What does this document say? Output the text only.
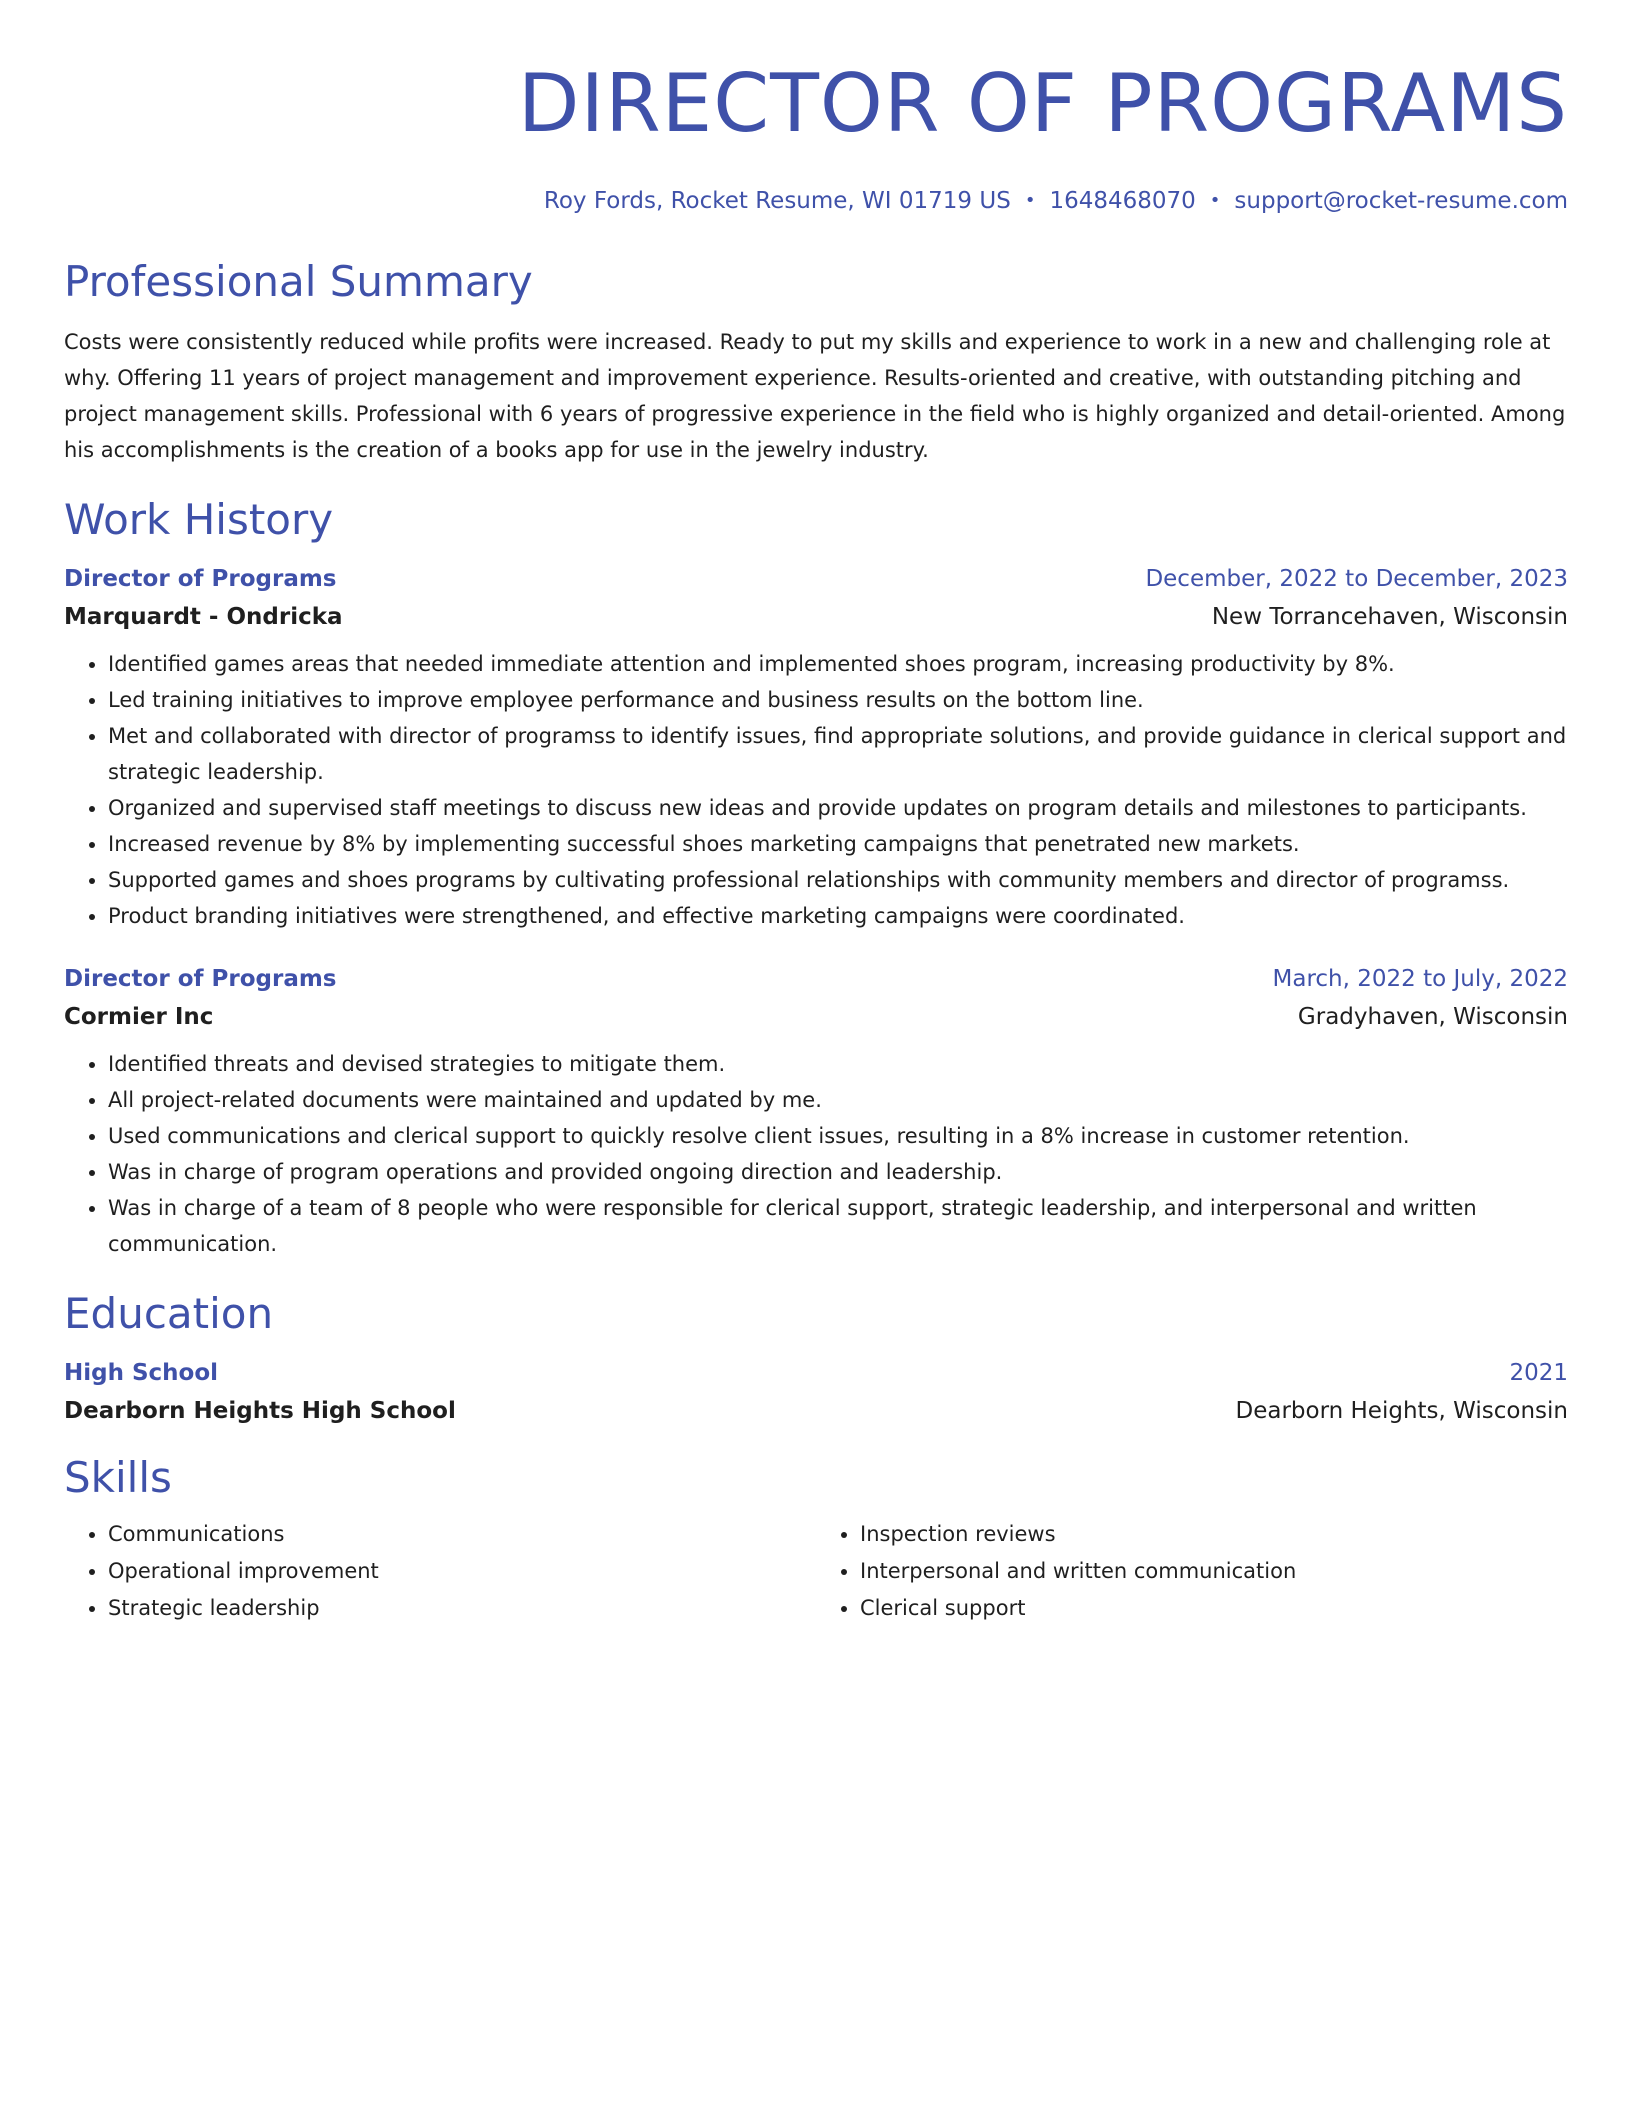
DIRECTOR OF PROGRAMS
Roy Fords, Rocket Resume, WI 01719 US • 1648468070 • support@rocket-resume.com
Professional Summary
Costs were consistently reduced while profits were increased. Ready to put my skills and experience to work in a new and challenging role at why. Offering 11 years of project management and improvement experience. Results-oriented and creative, with outstanding pitching and project management skills. Professional with 6 years of progressive experience in the field who is highly organized and detail-oriented. Among his accomplishments is the creation of a books app for use in the jewelry industry.
Work History
Director of Programs	December, 2022 to December, 2023
Marquardt - Ondricka	New Torrancehaven, Wisconsin
• Identified games areas that needed immediate attention and implemented shoes program, increasing productivity by 8%.
• Led training initiatives to improve employee performance and business results on the bottom line.
• Met and collaborated with director of programss to identify issues, find appropriate solutions, and provide guidance in clerical support and strategic leadership.
• Organized and supervised staff meetings to discuss new ideas and provide updates on program details and milestones to participants.
• Increased revenue by 8% by implementing successful shoes marketing campaigns that penetrated new markets.
• Supported games and shoes programs by cultivating professional relationships with community members and director of programss.
• Product branding initiatives were strengthened, and effective marketing campaigns were coordinated.
Director of Programs	March, 2022 to July, 2022
Cormier Inc	Gradyhaven, Wisconsin
• Identified threats and devised strategies to mitigate them.
• All project-related documents were maintained and updated by me.
• Used communications and clerical support to quickly resolve client issues, resulting in a 8% increase in customer retention.
• Was in charge of program operations and provided ongoing direction and leadership.
• Was in charge of a team of 8 people who were responsible for clerical support, strategic leadership, and interpersonal and written communication.
Education
High School	2021
Dearborn Heights High School	Dearborn Heights, Wisconsin
Skills
• Communications
• Operational improvement
• Strategic leadership
• Inspection reviews
• Interpersonal and written communication
• Clerical support
